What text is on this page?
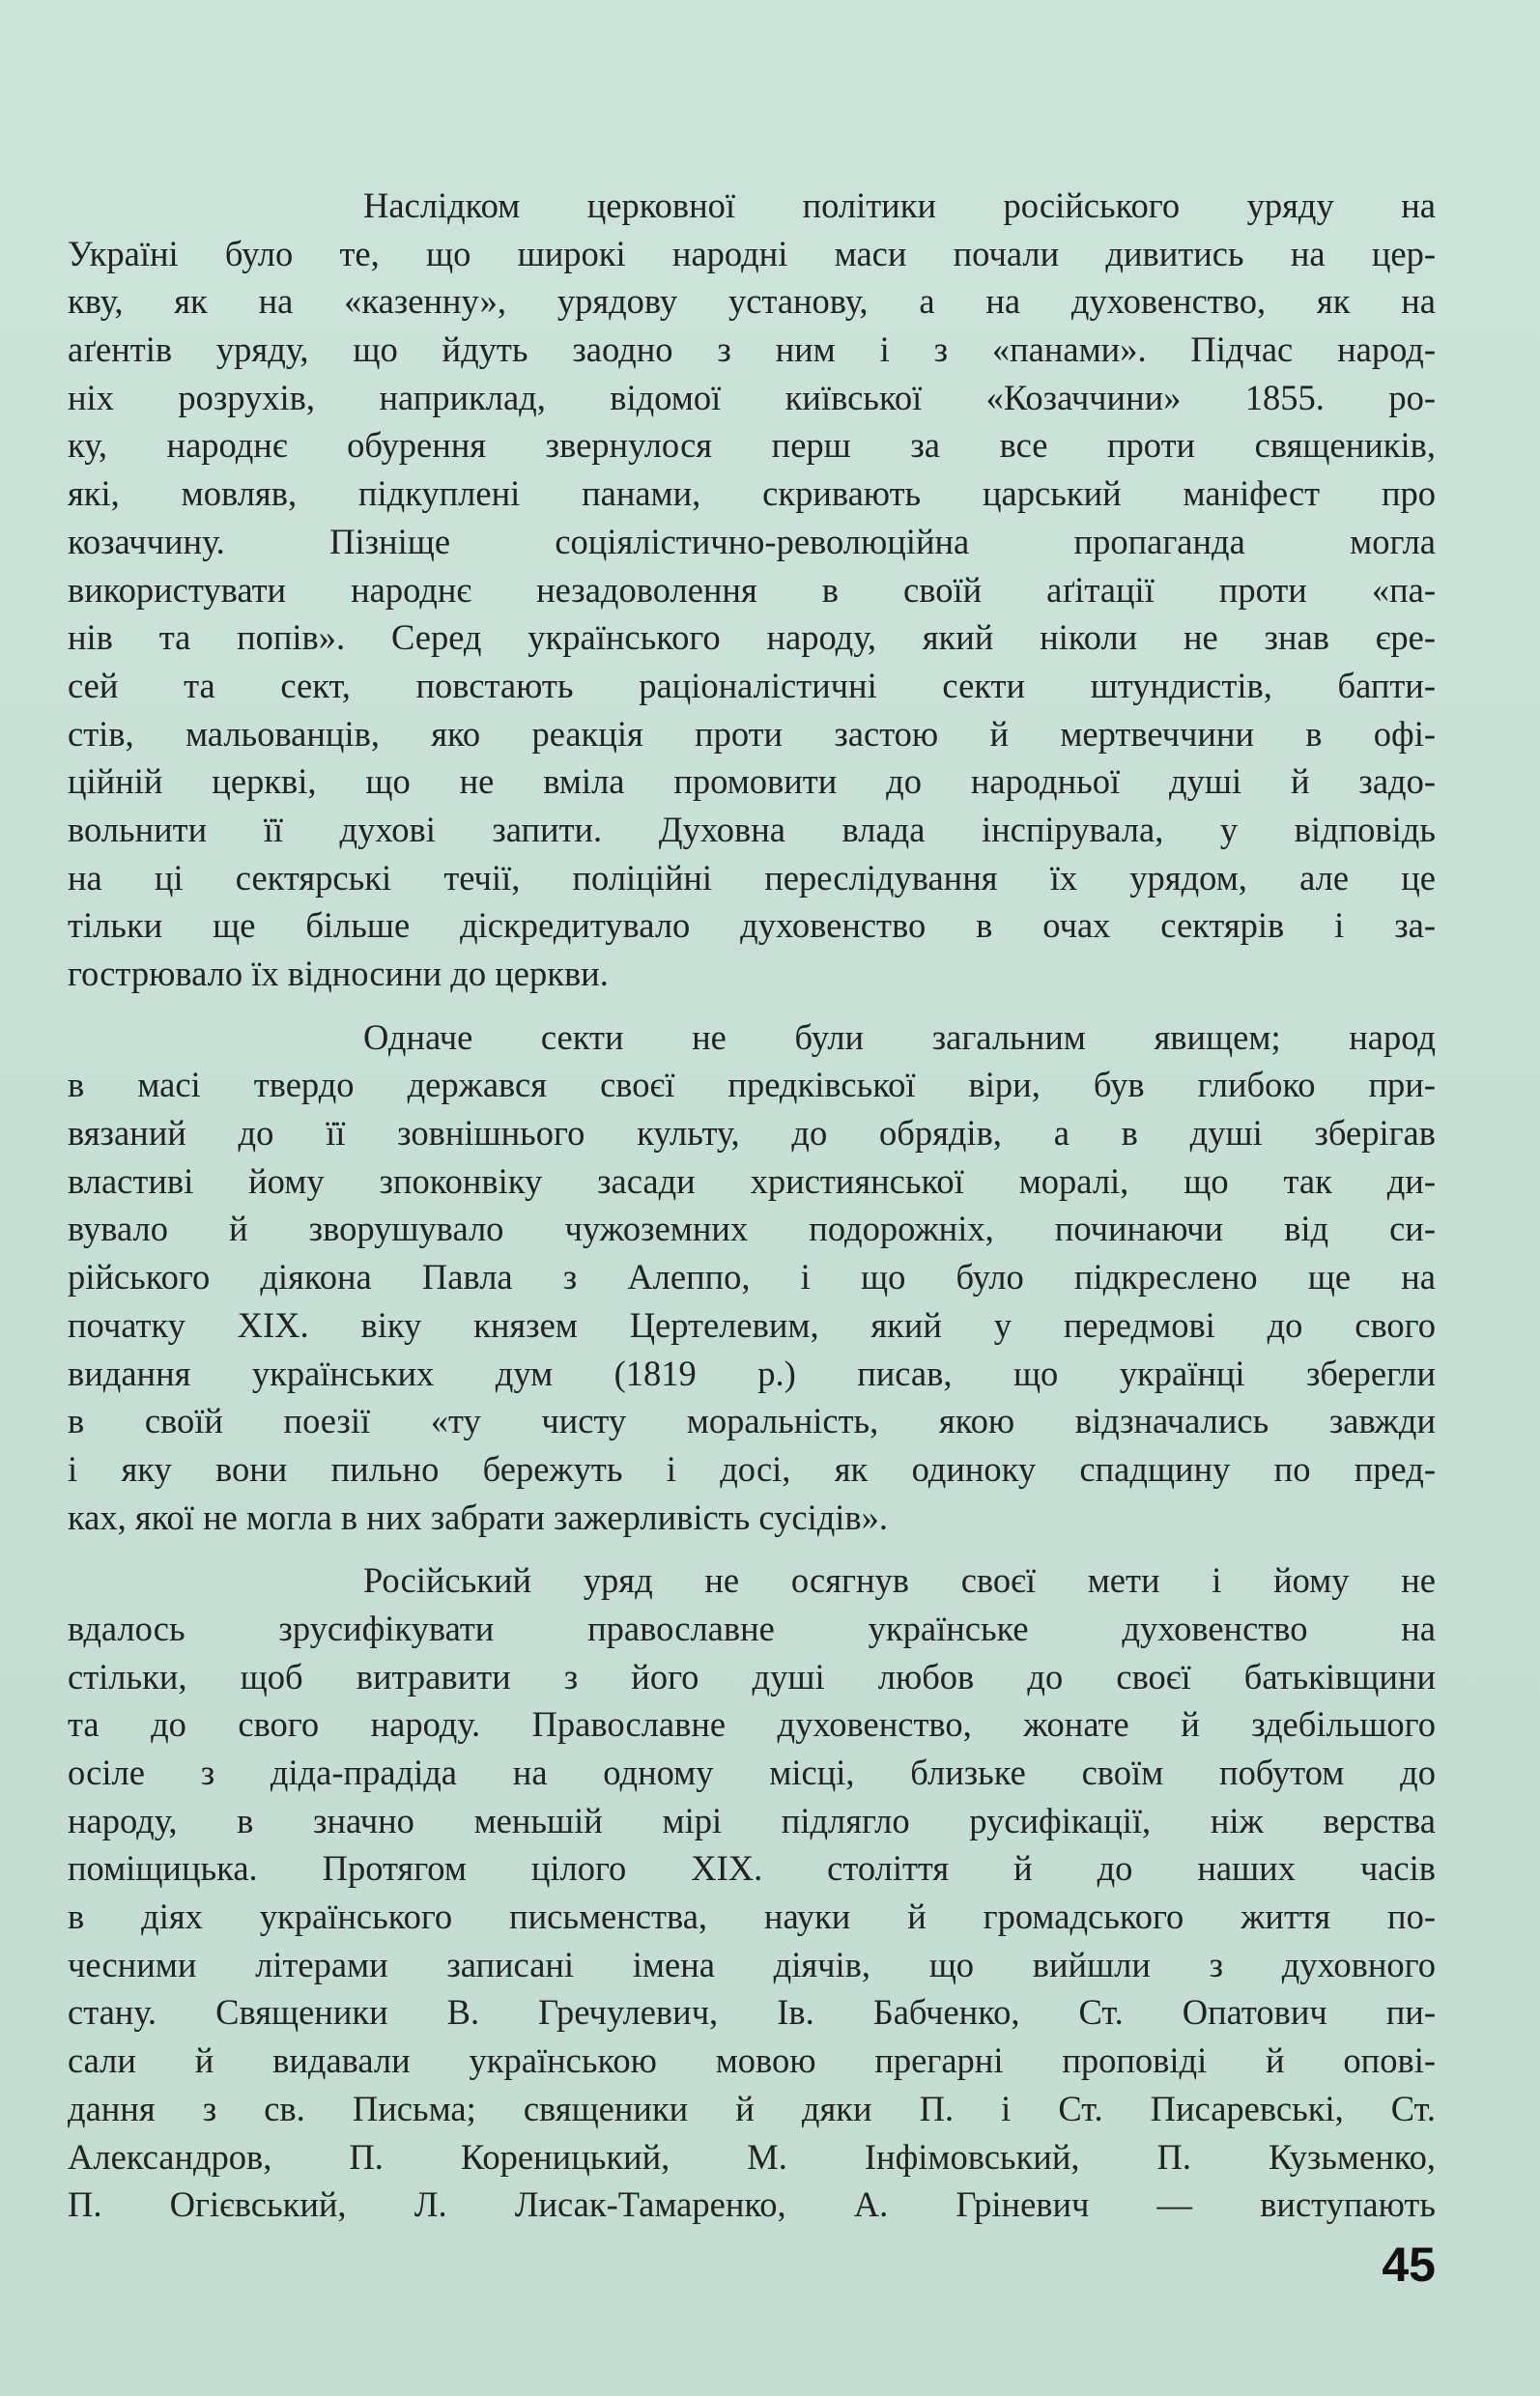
Наслідком церковної політики російського уряду на
Україні було те, що широкі народні маси почали дивитись на цер-
кву, як на «казенну», урядову установу, а на духовенство, як на
аґентів уряду, що йдуть заодно з ним і з «панами». Підчас народ-
ніх розрухів, наприклад, відомої київської «Козаччини» 1855. ро-
ку, народнє обурення звернулося перш за все проти священиків,
які, мовляв, підкуплені панами, скривають царський маніфест про
козаччину. Пізніще соціялістично-революційна пропаганда могла
використувати народнє незадоволення в своїй аґітації проти «па-
нів та попів». Серед українського народу, який ніколи не знав єре-
сей та сект, повстають раціоналістичні секти штундистів, бапти-
стів, мальованців, яко реакція проти застою й мертвеччини в офі-
ційній церкві, що не вміла промовити до народньої душі й задо-
вольнити її духові запити. Духовна влада інспірувала, у відповідь
на ці сектярські течії, поліційні переслідування їх урядом, але це
тільки ще більше діскредитувало духовенство в очах сектярів і за-
гострювало їх відносини до церкви.
Одначе секти не були загальним явищем; народ
в масі твердо держався своєї предківської віри, був глибоко при-
вязаний до її зовнішнього культу, до обрядів, а в душі зберігав
властиві йому зпоконвіку засади християнської моралі, що так ди-
вувало й зворушувало чужоземних подорожніх, починаючи від си-
рійського діякона Павла з Алеппо, і що було підкреслено ще на
початку XIX. віку князем Цертелевим, який у передмові до свого
видання українських дум (1819 р.) писав, що українці зберегли
в своїй поезії «ту чисту моральність, якою відзначались завжди
і яку вони пильно бережуть і досі, як одиноку спадщину по пред-
ках, якої не могла в них забрати зажерливість сусідів».
Російський уряд не осягнув своєї мети і йому не
вдалось зрусифікувати православне українське духовенство на
стільки, щоб витравити з його душі любов до своєї батьківщини
та до свого народу. Православне духовенство, жонате й здебільшого
осіле з діда-прадіда на одному місці, близьке своїм побутом до
народу, в значно меньшій мірі підлягло русифікації, ніж верства
поміщицька. Протягом цілого XIX. століття й до наших часів
в діях українського письменства, науки й громадського життя по-
чесними літерами записані імена діячів, що вийшли з духовного
стану. Священики В. Гречулевич, Ів. Бабченко, Ст. Опатович пи-
сали й видавали українською мовою прегарні проповіді й опові-
дання з св. Письма; священики й дяки П. і Ст. Писаревські, Ст.
Александров, П. Кореницький, М. Інфімовський, П. Кузьменко,
П. Огієвський, Л. Лисак-Тамаренко, А. Гріневич — виступають
45
